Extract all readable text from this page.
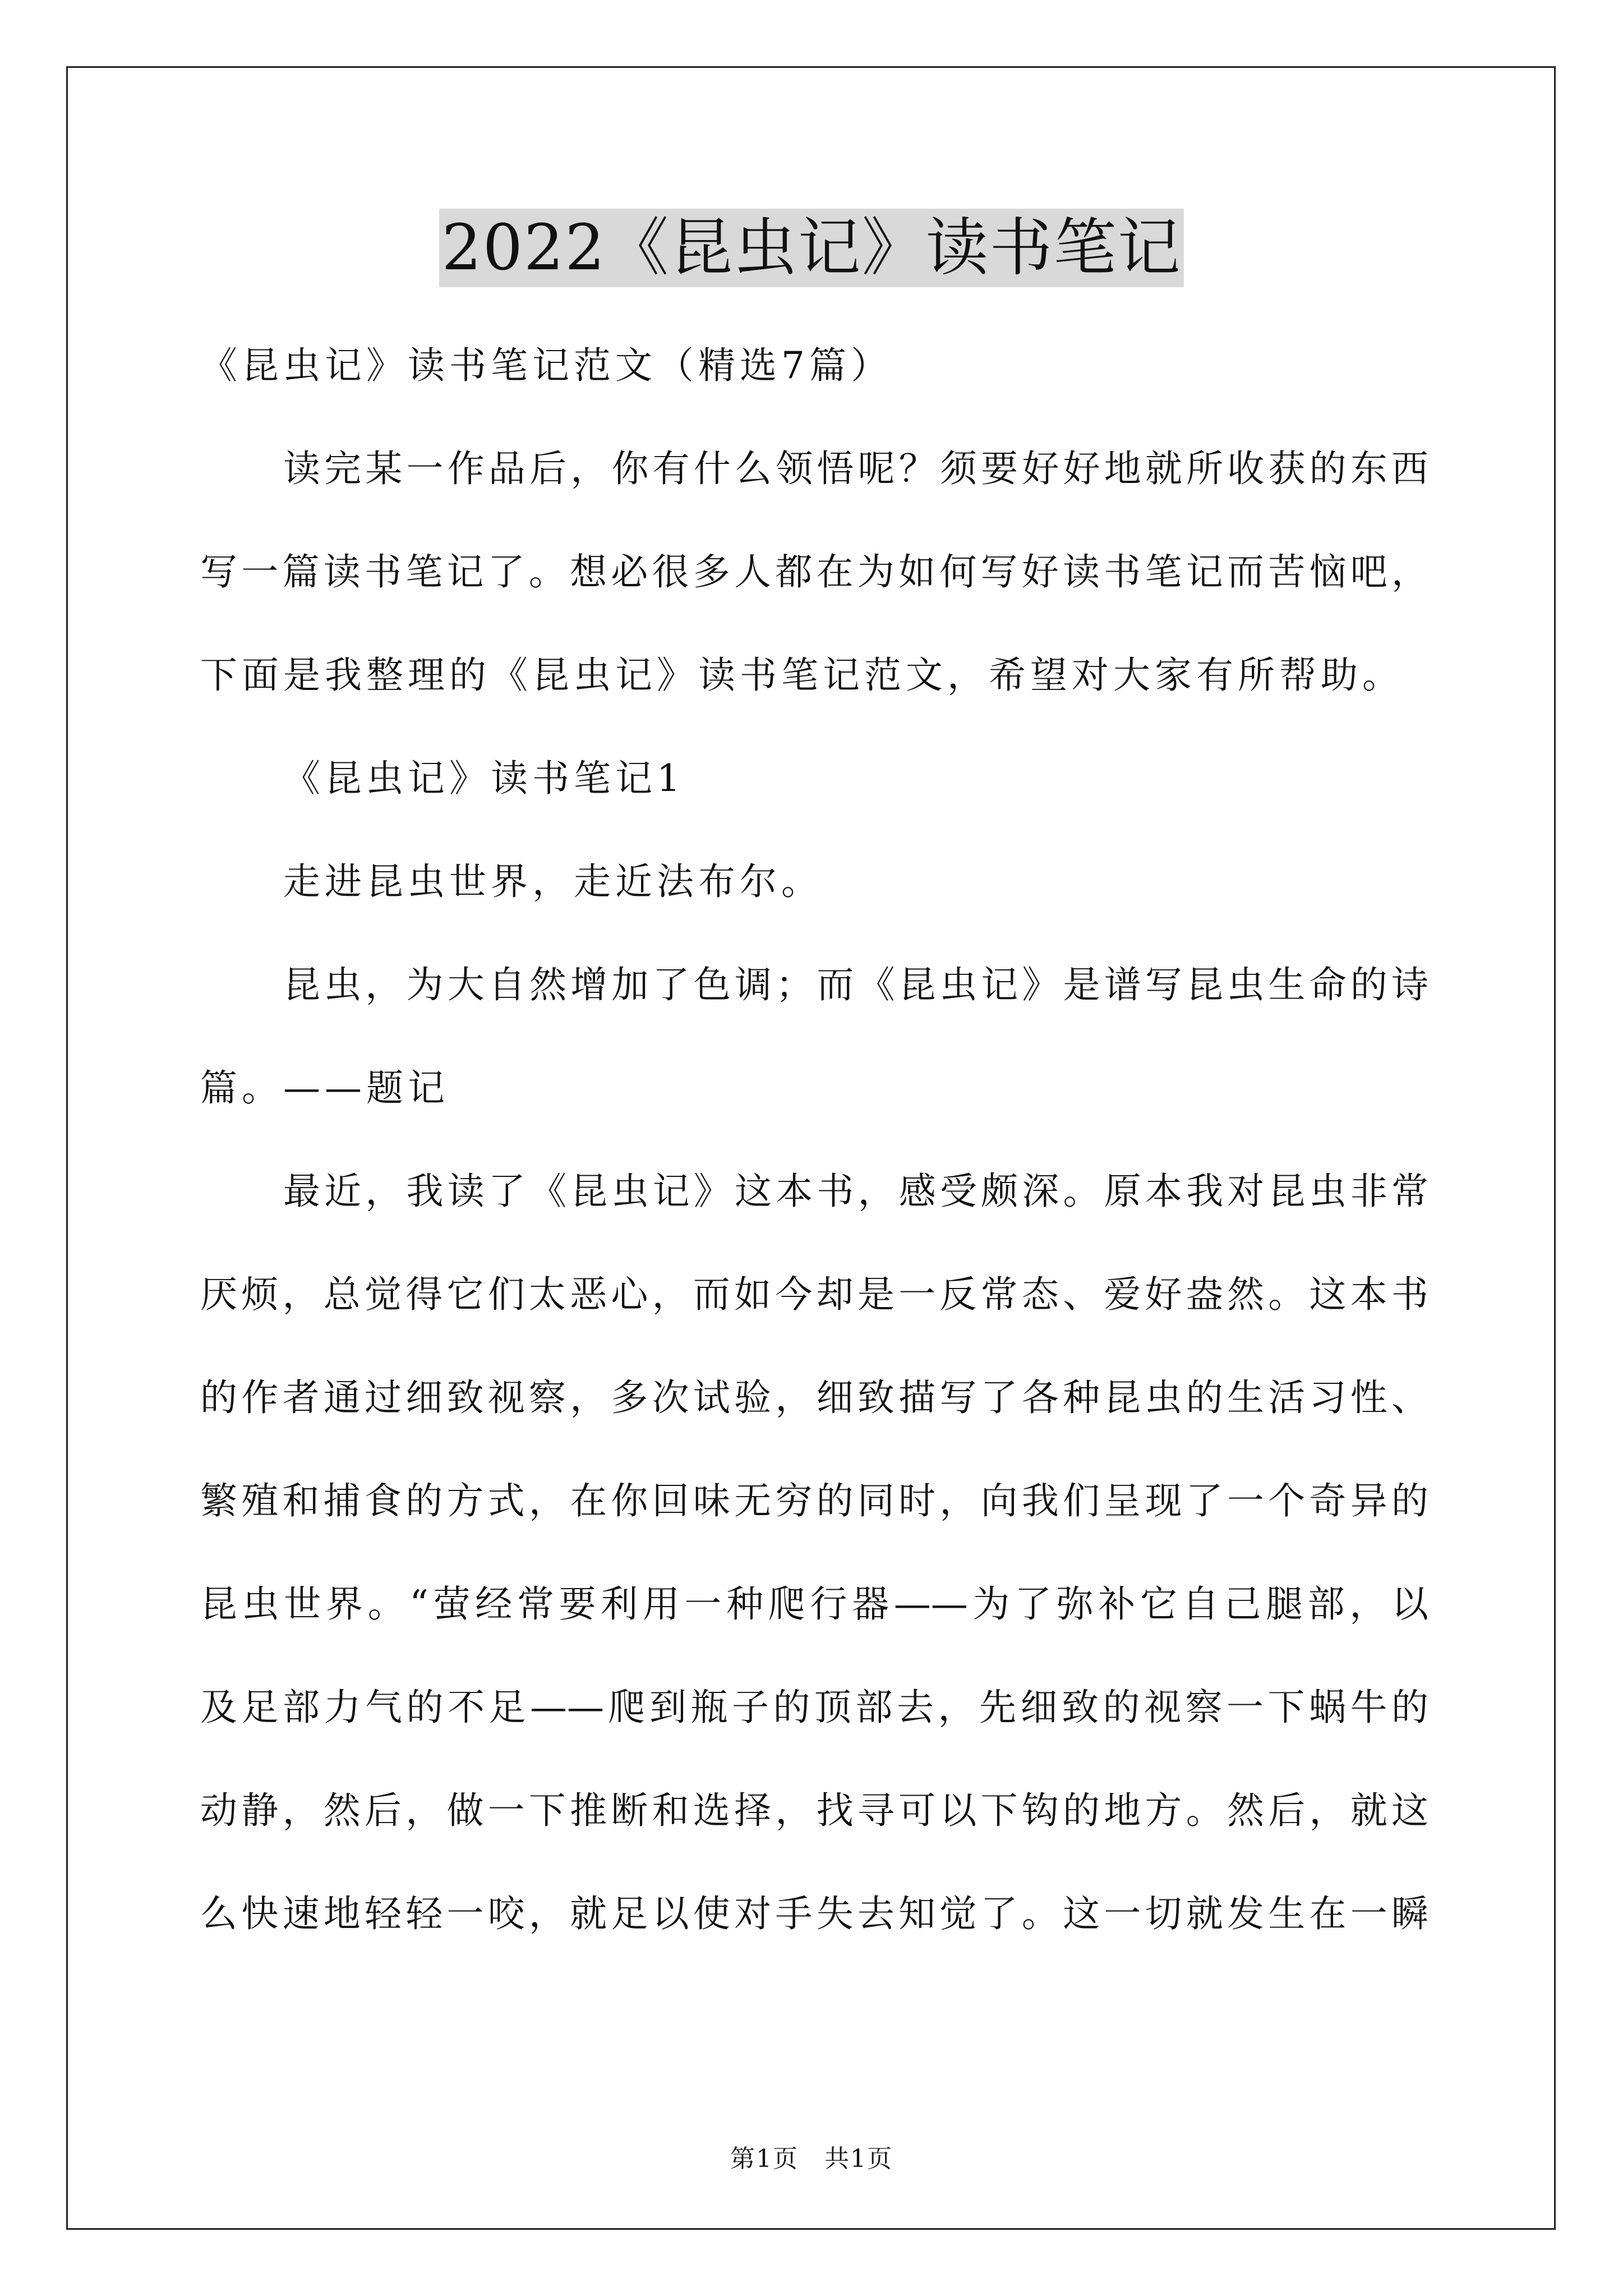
2022《昆虫记》读书笔记
《昆虫记》读书笔记范文（精选7篇）
读完某一作品后，你有什么领悟呢？须要好好地就所收获的东西
写一篇读书笔记了。想必很多人都在为如何写好读书笔记而苦恼吧，
下面是我整理的《昆虫记》读书笔记范文，希望对大家有所帮助。
《昆虫记》读书笔记1
走进昆虫世界，走近法布尔。
昆虫，为大自然增加了色调；而《昆虫记》是谱写昆虫生命的诗
篇。——题记
最近，我读了《昆虫记》这本书，感受颇深。原本我对昆虫非常
厌烦，总觉得它们太恶心，而如今却是一反常态、爱好盎然。这本书
的作者通过细致视察，多次试验，细致描写了各种昆虫的生活习性、
繁殖和捕食的方式，在你回味无穷的同时，向我们呈现了一个奇异的
昆虫世界。“萤经常要利用一种爬行器——为了弥补它自己腿部，以
及足部力气的不足——爬到瓶子的顶部去，先细致的视察一下蜗牛的
动静，然后，做一下推断和选择，找寻可以下钩的地方。然后，就这
么快速地轻轻一咬，就足以使对手失去知觉了。这一切就发生在一瞬
第1页　共1页
